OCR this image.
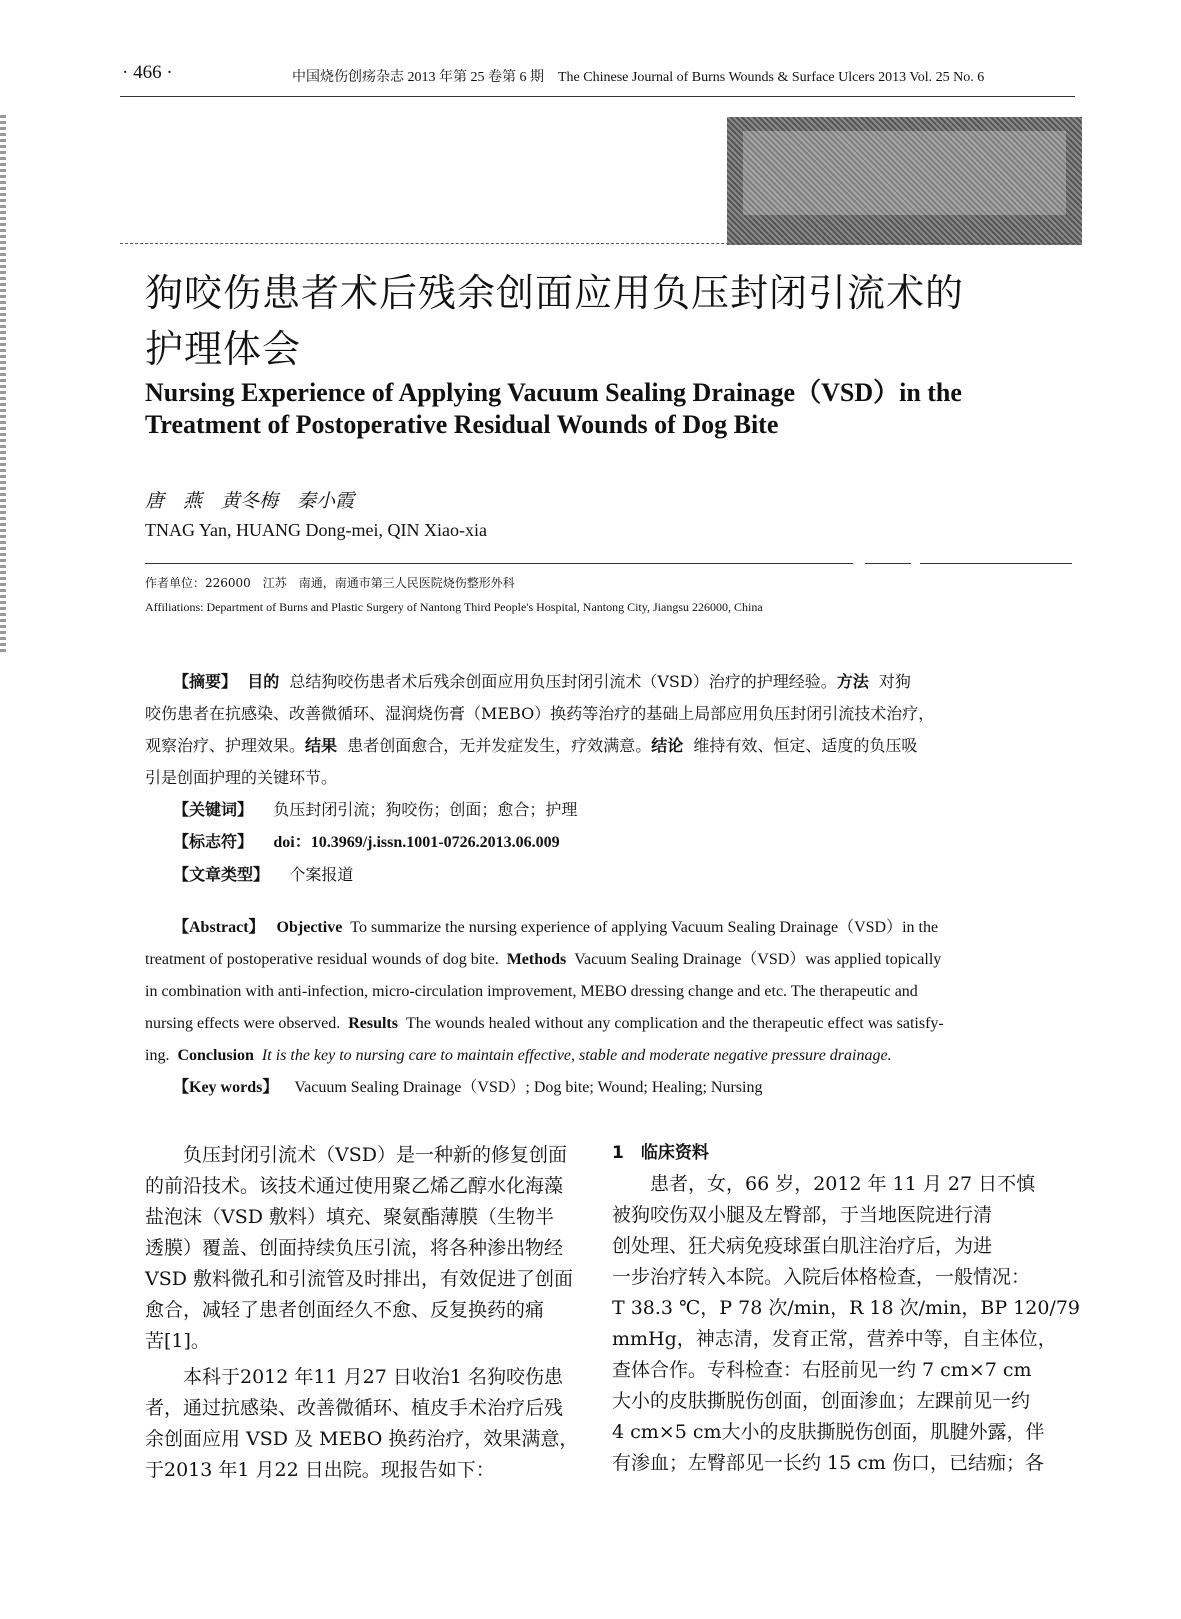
· 466 ·	中国烧伤创疡杂志 2013 年第 25 卷第 6 期　The Chinese Journal of Burns Wounds & Surface Ulcers 2013 Vol. 25 No. 6

狗咬伤患者术后残余创面应用负压封闭引流术的
护理体会
Nursing Experience of Applying Vacuum Sealing Drainage（VSD）in the
Treatment of Postoperative Residual Wounds of Dog Bite
唐　燕　黄冬梅　秦小霞
TNAG Yan, HUANG Dong-mei, QIN Xiao-xia
作者单位：226000　江苏　南通，南通市第三人民医院烧伤整形外科
Affiliations: Department of Burns and Plastic Surgery of Nantong Third People's Hospital, Nantong City, Jiangsu 226000, China
【摘要】 目的 总结狗咬伤患者术后残余创面应用负压封闭引流术（VSD）治疗的护理经验。方法 对狗
咬伤患者在抗感染、改善微循环、湿润烧伤膏（MEBO）换药等治疗的基础上局部应用负压封闭引流技术治疗，
观察治疗、护理效果。结果 患者创面愈合，无并发症发生，疗效满意。结论 维持有效、恒定、适度的负压吸
引是创面护理的关键环节。
【关键词】 负压封闭引流；狗咬伤；创面；愈合；护理
【标志符】 doi：10.3969/j.issn.1001-0726.2013.06.009
【文章类型】 个案报道
【Abstract】 Objective To summarize the nursing experience of applying Vacuum Sealing Drainage（VSD）in the
treatment of postoperative residual wounds of dog bite. Methods Vacuum Sealing Drainage（VSD）was applied topically
in combination with anti-infection, micro-circulation improvement, MEBO dressing change and etc. The therapeutic and
nursing effects were observed. Results The wounds healed without any complication and the therapeutic effect was satisfy-
ing. Conclusion It is the key to nursing care to maintain effective, stable and moderate negative pressure drainage.
【Key words】 Vacuum Sealing Drainage（VSD）; Dog bite; Wound; Healing; Nursing
负压封闭引流术（VSD）是一种新的修复创面
的前沿技术。该技术通过使用聚乙烯乙醇水化海藻
盐泡沫（VSD 敷料）填充、聚氨酯薄膜（生物半
透膜）覆盖、创面持续负压引流，将各种渗出物经
VSD 敷料微孔和引流管及时排出，有效促进了创面
愈合，减轻了患者创面经久不愈、反复换药的痛
苦[1]。
本科于2012 年11 月27 日收治1 名狗咬伤患
者，通过抗感染、改善微循环、植皮手术治疗后残
余创面应用 VSD 及 MEBO 换药治疗，效果满意，
于2013 年1 月22 日出院。现报告如下：
1　临床资料
患者，女，66 岁，2012 年 11 月 27 日不慎
被狗咬伤双小腿及左臀部，于当地医院进行清
创处理、狂犬病免疫球蛋白肌注治疗后，为进
一步治疗转入本院。入院后体格检查，一般情况：
T 38.3 ℃，P 78 次/min，R 18 次/min，BP 120/79
mmHg，神志清，发育正常，营养中等，自主体位，
查体合作。专科检查：右胫前见一约 7 cm×7 cm
大小的皮肤撕脱伤创面，创面渗血；左踝前见一约
4 cm×5 cm大小的皮肤撕脱伤创面，肌腱外露，伴
有渗血；左臀部见一长约 15 cm 伤口，已结痂；各
